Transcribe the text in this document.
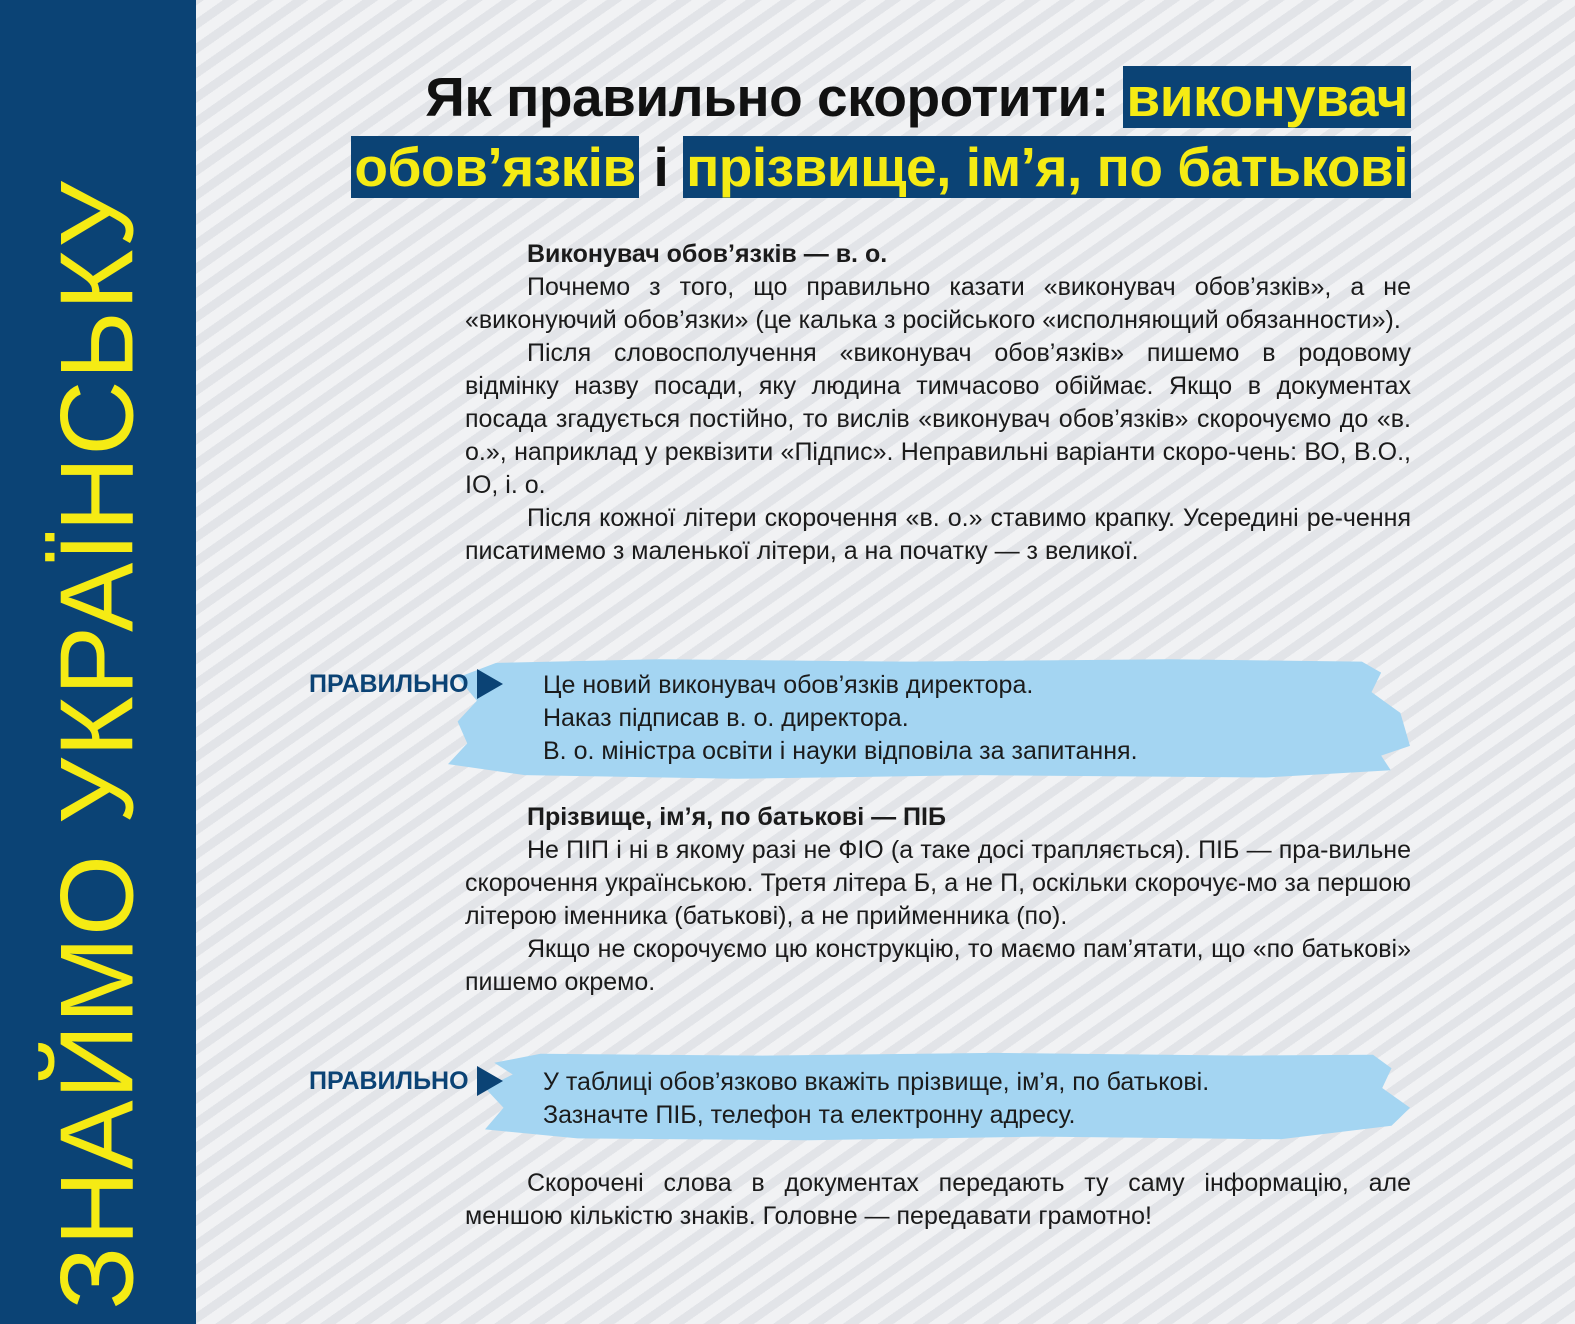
ЗНАЙМО УКРАЇНСЬКУ
Як правильно скоротити: виконувач обов’язків і прізвище, ім’я, по батькові

Виконувач обов’язків — в. о.

Почнемо з того, що правильно казати «виконувач обов’язків», а не «виконуючий обов’язки» (це калька з російського «исполняющий обязанности»).

Після словосполучення «виконувач обов’язків» пишемо в родовому відмінку назву посади, яку людина тимчасово обіймає. Якщо в документах посада згадується постійно, то вислів «виконувач обов’язків» скорочуємо до «в. о.», наприклад у реквізити «Підпис». Неправильні варіанти скоро-чень: ВО, В.О., ІО, і. о.

Після кожної літери скорочення «в. о.» ставимо крапку. Усередині ре-чення писатимемо з маленької літери, а на початку — з великої.

ПРАВИЛЬНО	Це новий виконувач обов’язків директора.
Наказ підписав в. о. директора.
В. о. міністра освіти і науки відповіла за запитання.

Прізвище, ім’я, по батькові — ПІБ

Не ПІП і ні в якому разі не ФІО (а таке досі трапляється). ПІБ — пра-вильне скорочення українською. Третя літера Б, а не П, оскільки скорочує-мо за першою літерою іменника (батькові), а не прийменника (по).

Якщо не скорочуємо цю конструкцію, то маємо пам’ятати, що «по батькові» пишемо окремо.

ПРАВИЛЬНО	У таблиці обов’язково вкажіть прізвище, ім’я, по батькові.
Зазначте ПІБ, телефон та електронну адресу.

Скорочені слова в документах передають ту саму інформацію, але меншою кількістю знаків. Головне — передавати грамотно!
